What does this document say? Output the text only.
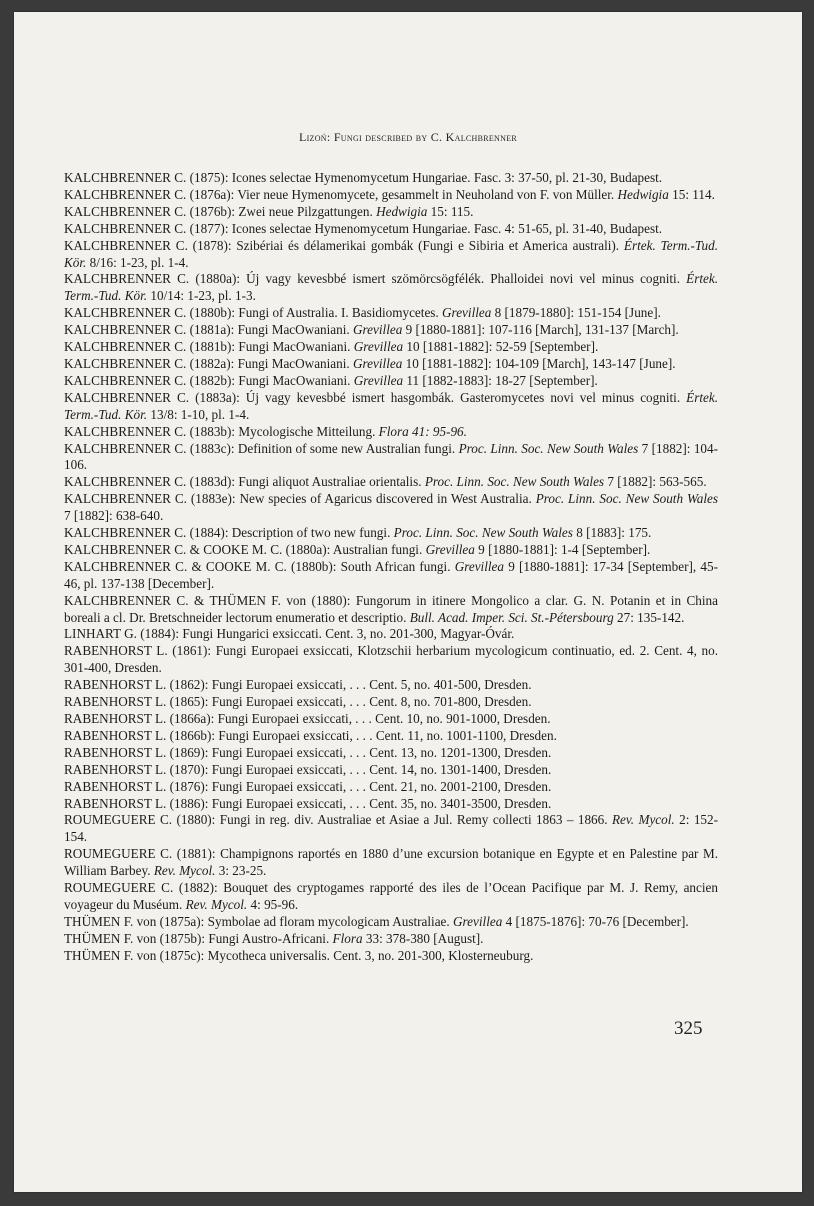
Lızoń: Fungi described by C. Kalchbrenner

KALCHBRENNER C. (1875): Icones selectae Hymenomycetum Hungariae. Fasc. 3: 37-50, pl. 21-30, Budapest.

KALCHBRENNER C. (1876a): Vier neue Hymenomycete, gesammelt in Neuholand von F. von Müller. Hedwigia 15: 114.

KALCHBRENNER C. (1876b): Zwei neue Pilzgattungen. Hedwigia 15: 115.

KALCHBRENNER C. (1877): Icones selectae Hymenomycetum Hungariae. Fasc. 4: 51-65, pl. 31-40, Budapest.

KALCHBRENNER C. (1878): Szibériai és délamerikai gombák (Fungi e Sibiria et America australi). Értek. Term.-Tud. Kör. 8/16: 1-23, pl. 1-4.

KALCHBRENNER C. (1880a): Új vagy kevesbbé ismert szömörcsögfélék. Phalloidei novi vel minus cogniti. Értek. Term.-Tud. Kör. 10/14: 1-23, pl. 1-3.

KALCHBRENNER C. (1880b): Fungi of Australia. I. Basidiomycetes. Grevillea 8 [1879-1880]: 151-154 [June].

KALCHBRENNER C. (1881a): Fungi MacOwaniani. Grevillea 9 [1880-1881]: 107-116 [March], 131-137 [March].

KALCHBRENNER C. (1881b): Fungi MacOwaniani. Grevillea 10 [1881-1882]: 52-59 [September].

KALCHBRENNER C. (1882a): Fungi MacOwaniani. Grevillea 10 [1881-1882]: 104-109 [March], 143-147 [June].

KALCHBRENNER C. (1882b): Fungi MacOwaniani. Grevillea 11 [1882-1883]: 18-27 [September].

KALCHBRENNER C. (1883a): Új vagy kevesbbé ismert hasgombák. Gasteromycetes novi vel minus cogniti. Értek. Term.-Tud. Kör. 13/8: 1-10, pl. 1-4.

KALCHBRENNER C. (1883b): Mycologische Mitteilung. Flora 41: 95-96.

KALCHBRENNER C. (1883c): Definition of some new Australian fungi. Proc. Linn. Soc. New South Wales 7 [1882]: 104-106.

KALCHBRENNER C. (1883d): Fungi aliquot Australiae orientalis. Proc. Linn. Soc. New South Wales 7 [1882]: 563-565.

KALCHBRENNER C. (1883e): New species of Agaricus discovered in West Australia. Proc. Linn. Soc. New South Wales 7 [1882]: 638-640.

KALCHBRENNER C. (1884): Description of two new fungi. Proc. Linn. Soc. New South Wales 8 [1883]: 175.

KALCHBRENNER C. & COOKE M. C. (1880a): Australian fungi. Grevillea 9 [1880-1881]: 1-4 [September].

KALCHBRENNER C. & COOKE M. C. (1880b): South African fungi. Grevillea 9 [1880-1881]: 17-34 [September], 45-46, pl. 137-138 [December].

KALCHBRENNER C. & THÜMEN F. von (1880): Fungorum in itinere Mongolico a clar. G. N. Potanin et in China boreali a cl. Dr. Bretschneider lectorum enumeratio et descriptio. Bull. Acad. Imper. Sci. St.-Pétersbourg 27: 135-142.

LINHART G. (1884): Fungi Hungarici exsiccati. Cent. 3, no. 201-300, Magyar-Óvár.

RABENHORST L. (1861): Fungi Europaei exsiccati, Klotzschii herbarium mycologicum continuatio, ed. 2. Cent. 4, no. 301-400, Dresden.

RABENHORST L. (1862): Fungi Europaei exsiccati, . . . Cent. 5, no. 401-500, Dresden.

RABENHORST L. (1865): Fungi Europaei exsiccati, . . . Cent. 8, no. 701-800, Dresden.

RABENHORST L. (1866a): Fungi Europaei exsiccati, . . . Cent. 10, no. 901-1000, Dresden.

RABENHORST L. (1866b): Fungi Europaei exsiccati, . . . Cent. 11, no. 1001-1100, Dresden.

RABENHORST L. (1869): Fungi Europaei exsiccati, . . . Cent. 13, no. 1201-1300, Dresden.

RABENHORST L. (1870): Fungi Europaei exsiccati, . . . Cent. 14, no. 1301-1400, Dresden.

RABENHORST L. (1876): Fungi Europaei exsiccati, . . . Cent. 21, no. 2001-2100, Dresden.

RABENHORST L. (1886): Fungi Europaei exsiccati, . . . Cent. 35, no. 3401-3500, Dresden.

ROUMEGUERE C. (1880): Fungi in reg. div. Australiae et Asiae a Jul. Remy collecti 1863 – 1866. Rev. Mycol. 2: 152-154.

ROUMEGUERE C. (1881): Champignons raportés en 1880 d’une excursion botanique en Egypte et en Palestine par M. William Barbey. Rev. Mycol. 3: 23-25.

ROUMEGUERE C. (1882): Bouquet des cryptogames rapporté des iles de l’Ocean Pacifique par M. J. Remy, ancien voyageur du Muséum. Rev. Mycol. 4: 95-96.

THÜMEN F. von (1875a): Symbolae ad floram mycologicam Australiae. Grevillea 4 [1875-1876]: 70-76 [December].

THÜMEN F. von (1875b): Fungi Austro-Africani. Flora 33: 378-380 [August].

THÜMEN F. von (1875c): Mycotheca universalis. Cent. 3, no. 201-300, Klosterneuburg.

325
